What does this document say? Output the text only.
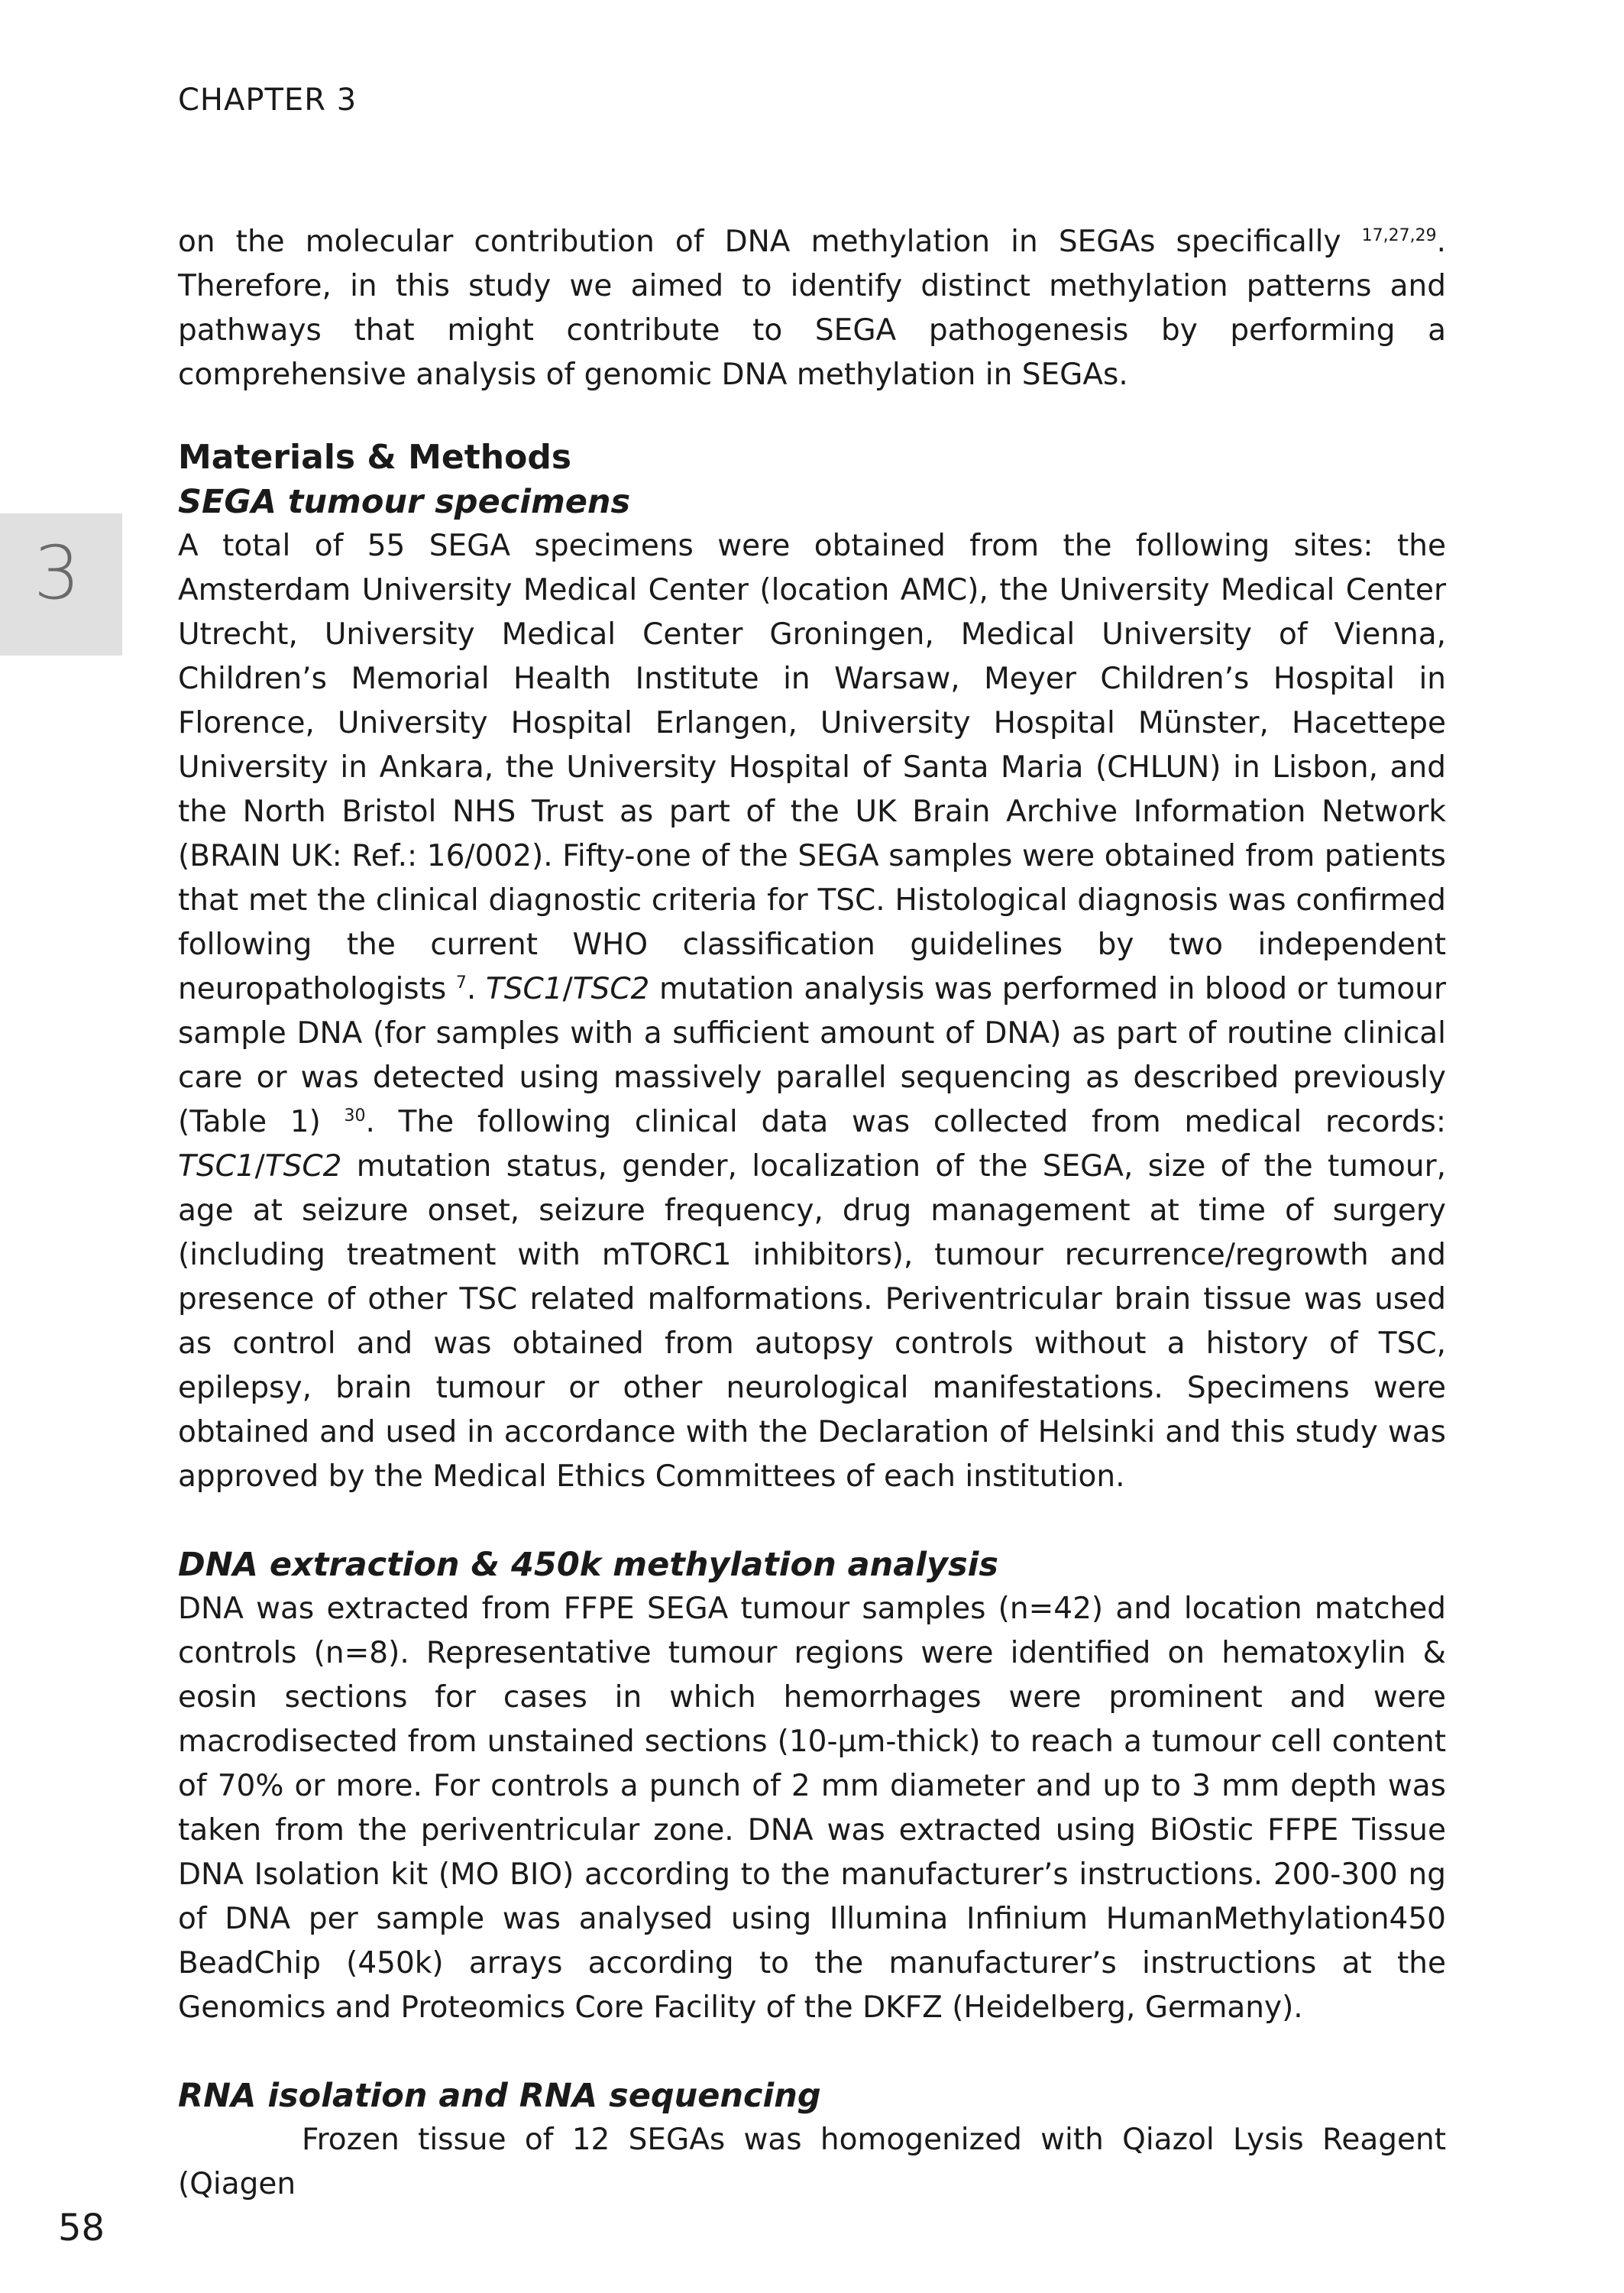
CHAPTER 3
3

on the molecular contribution of DNA methylation in SEGAs specifically $^{17,27,29}$. Therefore, in this study we aimed to identify distinct methylation patterns and pathways that might contribute to SEGA pathogenesis by performing a comprehensive analysis of genomic DNA methylation in SEGAs.

Materials & Methods
SEGA tumour specimens

A total of 55 SEGA specimens were obtained from the following sites: the Amsterdam University Medical Center (location AMC), the University Medical Center Utrecht, University Medical Center Groningen, Medical University of Vienna, Children’s Memorial Health Institute in Warsaw, Meyer Children’s Hospital in Florence, University Hospital Erlangen, University Hospital Münster, Hacettepe University in Ankara, the University Hospital of Santa Maria (CHLUN) in Lisbon, and the North Bristol NHS Trust as part of the UK Brain Archive Information Network (BRAIN UK: Ref.: 16/002). Fifty-one of the SEGA samples were obtained from patients that met the clinical diagnostic criteria for TSC. Histological diagnosis was confirmed following the current WHO classification guidelines by two independent neuropathologists $^7$. TSC1/TSC2 mutation analysis was performed in blood or tumour sample DNA (for samples with a sufficient amount of DNA) as part of routine clinical care or was detected using massively parallel sequencing as described previously (Table 1) $^{30}$. The following clinical data was collected from medical records: TSC1/TSC2 mutation status, gender, localization of the SEGA, size of the tumour, age at seizure onset, seizure frequency, drug management at time of surgery (including treatment with mTORC1 inhibitors), tumour recurrence/regrowth and presence of other TSC related malformations. Periventricular brain tissue was used as control and was obtained from autopsy controls without a history of TSC, epilepsy, brain tumour or other neurological manifestations. Specimens were obtained and used in accordance with the Declaration of Helsinki and this study was approved by the Medical Ethics Committees of each institution.

DNA extraction & 450k methylation analysis

DNA was extracted from FFPE SEGA tumour samples (n=42) and location matched controls (n=8). Representative tumour regions were identified on hematoxylin & eosin sections for cases in which hemorrhages were prominent and were macrodisected from unstained sections (10-µm-thick) to reach a tumour cell content of 70% or more. For controls a punch of 2 mm diameter and up to 3 mm depth was taken from the periventricular zone. DNA was extracted using BiOstic FFPE Tissue DNA Isolation kit (MO BIO) according to the manufacturer’s instructions. 200-300 ng of DNA per sample was analysed using Illumina Infinium HumanMethylation450 BeadChip (450k) arrays according to the manufacturer’s instructions at the Genomics and Proteomics Core Facility of the DKFZ (Heidelberg, Germany).

RNA isolation and RNA sequencing

Frozen tissue of 12 SEGAs was homogenized with Qiazol Lysis Reagent (Qiagen

58
